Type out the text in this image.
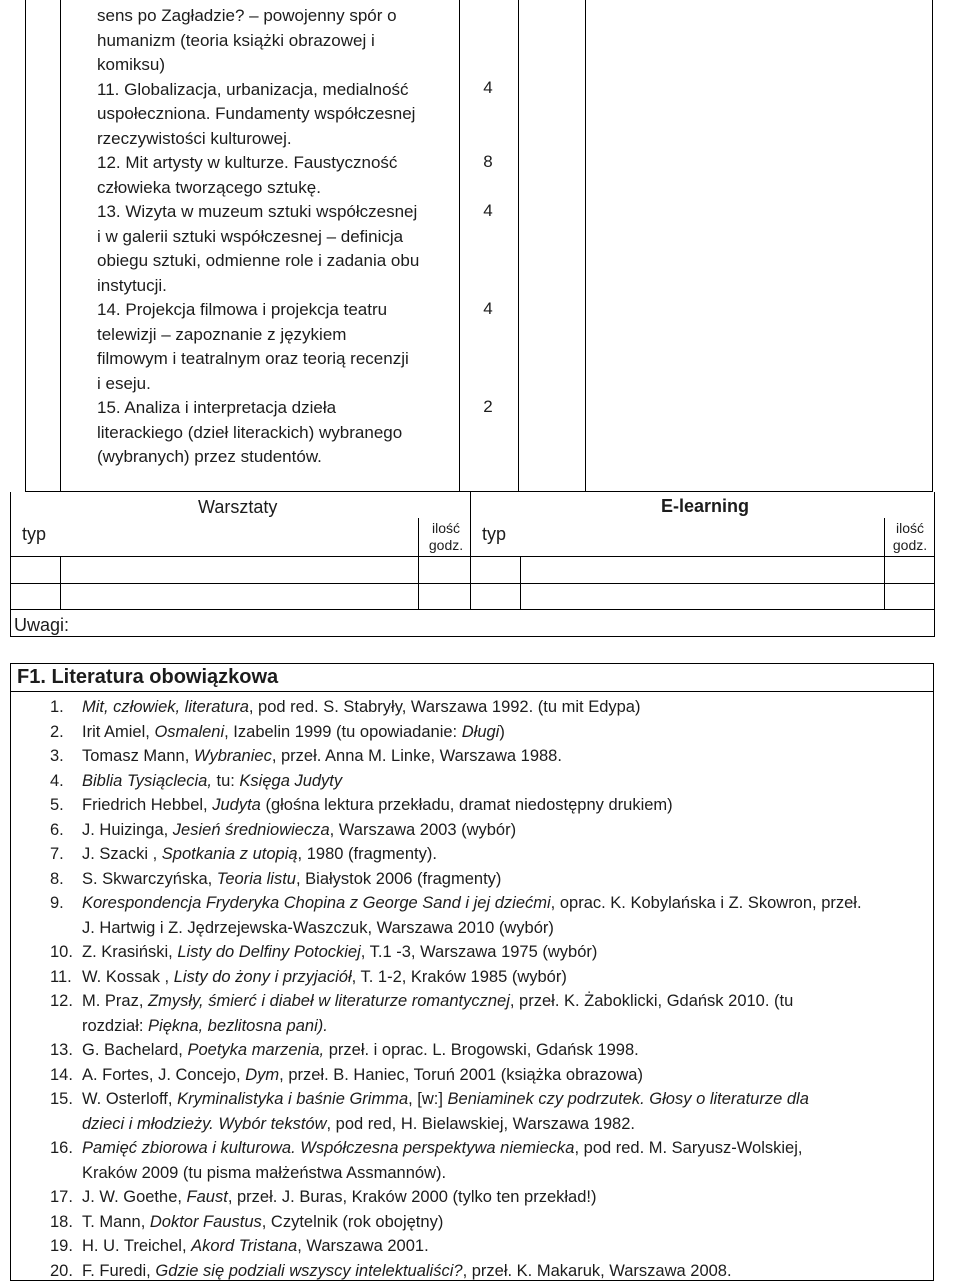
sens po Zagładzie? – powojenny spór o
humanizm (teoria książki obrazowej i
komiksu)
11. Globalizacja, urbanizacja, medialność
uspołeczniona. Fundamenty współczesnej
rzeczywistości kulturowej.
12. Mit artysty w kulturze. Faustyczność
człowieka tworzącego sztukę.
13. Wizyta w muzeum sztuki współczesnej
i w galerii sztuki współczesnej – definicja
obiegu sztuki, odmienne role i zadania obu
instytucji.
14. Projekcja filmowa i projekcja teatru
telewizji – zapoznanie z językiem
filmowym i teatralnym oraz teorią recenzji
i eseju.
15. Analiza i interpretacja dzieła
literackiego (dzieł literackich) wybranego
(wybranych) przez studentów.
4
8
4
4
2
Warsztaty
typ	ilość
godz.
E-learning
typ	ilość
godz.
Uwagi:
F1. Literatura obowiązkowa
1. Mit, człowiek, literatura, pod red. S. Stabryły, Warszawa 1992. (tu mit Edypa)
2. Irit Amiel, Osmaleni, Izabelin 1999 (tu opowiadanie: Długi)
3. Tomasz Mann, Wybraniec, przeł. Anna M. Linke, Warszawa 1988.
4. Biblia Tysiąclecia, tu: Księga Judyty
5. Friedrich Hebbel, Judyta (głośna lektura przekładu, dramat niedostępny drukiem)
6. J. Huizinga, Jesień średniowiecza, Warszawa 2003 (wybór)
7. J. Szacki , Spotkania z utopią, 1980 (fragmenty).
8. S. Skwarczyńska, Teoria listu, Białystok 2006 (fragmenty)
9. Korespondencja Fryderyka Chopina z George Sand i jej dziećmi, oprac. K. Kobylańska i Z. Skowron, przeł.
J. Hartwig i Z. Jędrzejewska-Waszczuk, Warszawa 2010 (wybór)
10. Z. Krasiński, Listy do Delfiny Potockiej, T.1 -3, Warszawa 1975 (wybór)
11. W. Kossak , Listy do żony i przyjaciół, T. 1-2, Kraków 1985 (wybór)
12. M. Praz, Zmysły, śmierć i diabeł w literaturze romantycznej, przeł. K. Żaboklicki, Gdańsk 2010. (tu
rozdział: Piękna, bezlitosna pani).
13. G. Bachelard, Poetyka marzenia, przeł. i oprac. L. Brogowski, Gdańsk 1998.
14. A. Fortes, J. Concejo, Dym, przeł. B. Haniec, Toruń 2001 (książka obrazowa)
15. W. Osterloff, Kryminalistyka i baśnie Grimma, [w:] Beniaminek czy podrzutek. Głosy o literaturze dla
dzieci i młodzieży. Wybór tekstów, pod red, H. Bielawskiej, Warszawa 1982.
16. Pamięć zbiorowa i kulturowa. Współczesna perspektywa niemiecka, pod red. M. Saryusz-Wolskiej,
Kraków 2009 (tu pisma małżeństwa Assmannów).
17. J. W. Goethe, Faust, przeł. J. Buras, Kraków 2000 (tylko ten przekład!)
18. T. Mann, Doktor Faustus, Czytelnik (rok obojętny)
19. H. U. Treichel, Akord Tristana, Warszawa 2001.
20. F. Furedi, Gdzie się podziali wszyscy intelektualiści?, przeł. K. Makaruk, Warszawa 2008.
